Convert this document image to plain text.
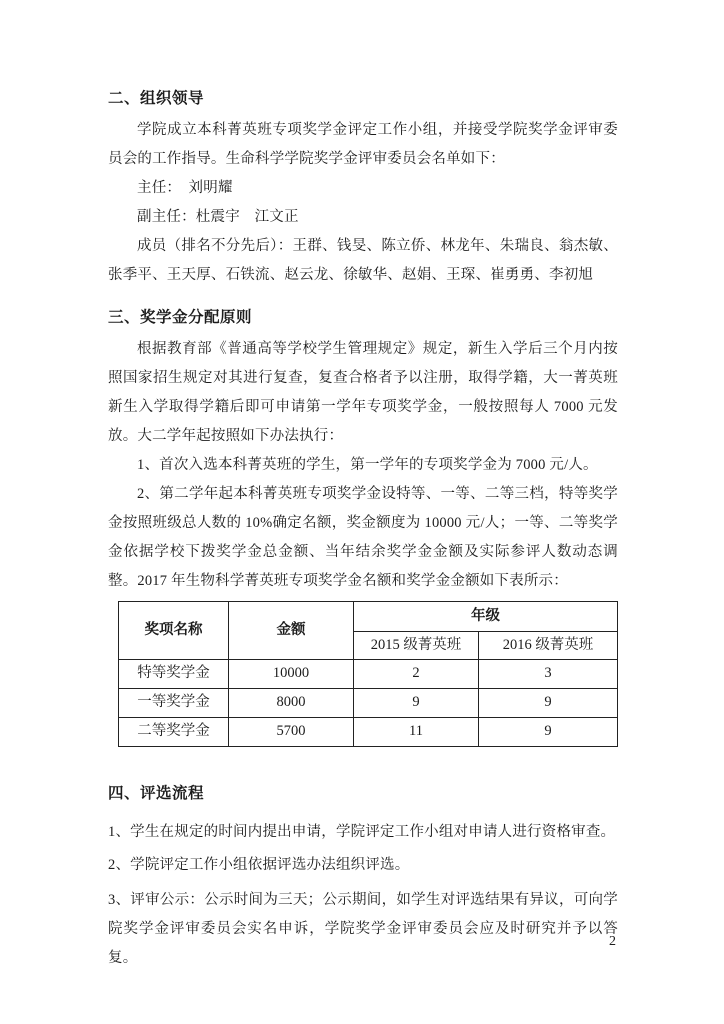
二、组织领导

学院成立本科菁英班专项奖学金评定工作小组，并接受学院奖学金评审委员会的工作指导。生命科学学院奖学金评审委员会名单如下：

主任：　刘明耀

副主任：杜震宇　江文正

成员（排名不分先后）：王群、钱旻、陈立侨、林龙年、朱瑞良、翁杰敏、张季平、王天厚、石铁流、赵云龙、徐敏华、赵娟、王琛、崔勇勇、李初旭

三、奖学金分配原则

根据教育部《普通高等学校学生管理规定》规定，新生入学后三个月内按照国家招生规定对其进行复查，复查合格者予以注册，取得学籍，大一菁英班新生入学取得学籍后即可申请第一学年专项奖学金，一般按照每人 7000 元发放。大二学年起按照如下办法执行：

1、首次入选本科菁英班的学生，第一学年的专项奖学金为 7000 元/人。

2、第二学年起本科菁英班专项奖学金设特等、一等、二等三档，特等奖学金按照班级总人数的 10%确定名额，奖金额度为 10000 元/人；一等、二等奖学金依据学校下拨奖学金总金额、当年结余奖学金金额及实际参评人数动态调整。2017 年生物科学菁英班专项奖学金名额和奖学金金额如下表所示：

奖项名称	金额	年级	
		2015 级菁英班	2016 级菁英班
特等奖学金	10000	2	3
一等奖学金	8000	9	9
二等奖学金	5700	11	9
四、评选流程

1、学生在规定的时间内提出申请，学院评定工作小组对申请人进行资格审查。

2、学院评定工作小组依据评选办法组织评选。

3、评审公示：公示时间为三天；公示期间，如学生对评选结果有异议，可向学院奖学金评审委员会实名申诉，学院奖学金评审委员会应及时研究并予以答复。

2
